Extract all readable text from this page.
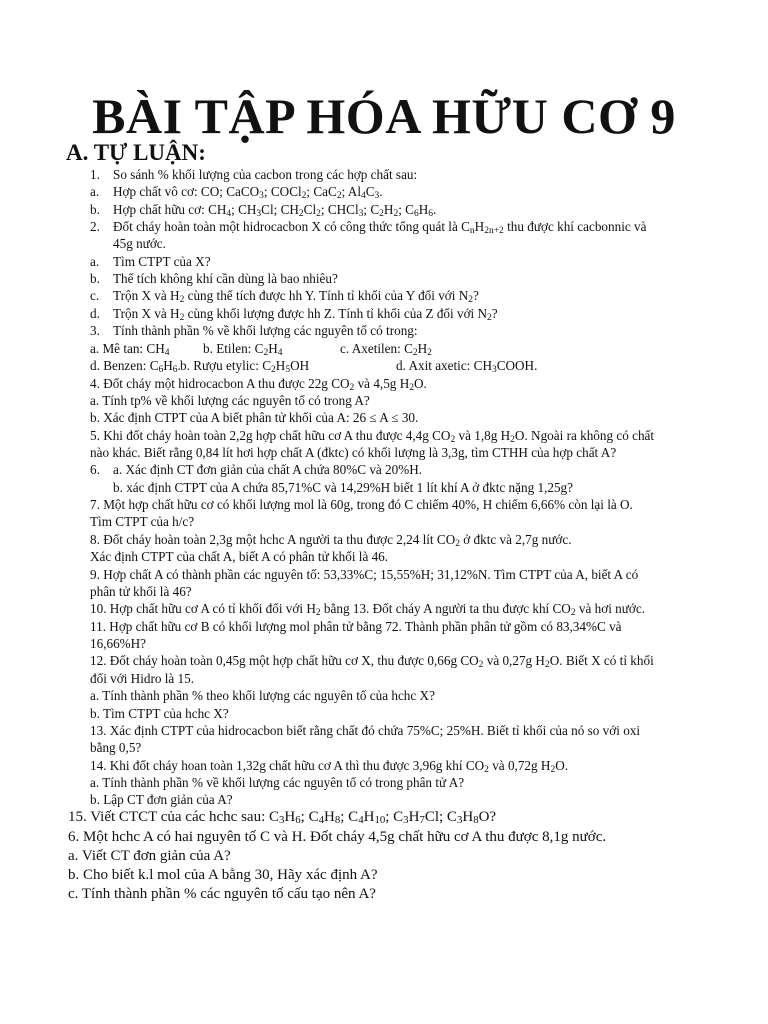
BÀI TẬP HÓA HỮU CƠ 9
A. TỰ LUẬN:
1. So sánh % khối lượng của cacbon trong các hợp chất sau:
a. Hợp chất vô cơ: CO; CaCO$_3$; COCl$_2$; CaC$_2$; $Al_4C_3$.
b. Hợp chất hữu cơ: $CH_4$; $CH_3Cl$; $CH_2Cl_2$; CHCl$_3$; $C_2H_2$; $C_6H_6$.
2. Đốt cháy hoàn toàn một hidrocacbon X có công thức tổng quát là $C_nH_{2n+2}$ thu được khí cacbonnic và
45g nước.
a. Tìm CTPT của X?
b. Thể tích không khí cần dùng là bao nhiêu?
c. Trộn X và $H_2$ cùng thể tích được hh Y. Tính tỉ khối của Y đối với $N_2$?
d. Trộn X và $H_2$ cùng khối lượng được hh Z. Tính tỉ khối của Z đối với $N_2$?
3. Tính thành phần % về khối lượng các nguyên tố có trong:
a. Mê tan: $CH_4$	b. Etilen: $C_2H_4$	c. Axetilen: $C_2H_2$
d. Benzen: $C_6H_6$. b. Rượu etylic: $C_2H_5OH$	d. Axit axetic: $CH_3COOH$.
4. Đốt cháy một hidrocacbon A thu được 22g $CO_2$ và 4,5g $H_2O$.
a. Tính tp% về khối lượng các nguyên tố có trong A?
b. Xác định CTPT của A biết phân tử khối của A: 26 ≤ A ≤ 30.
5. Khi đốt cháy hoàn toàn 2,2g hợp chất hữu cơ A thu được 4,4g $CO_2$ và 1,8g $H_2O$. Ngoài ra không có chất
nào khác. Biết rằng 0,84 lít hơi hợp chất A (đktc) có khối lượng là 3,3g, tìm CTHH của hợp chất A?
6. a. Xác định CT đơn giản của chất A chứa 80%C và 20%H.
b. xác định CTPT của A chứa 85,71%C và 14,29%H biết 1 lít khí A ở đktc nặng 1,25g?
7. Một hợp chất hữu cơ có khối lượng mol là 60g, trong đó C chiếm 40%, H chiếm 6,66% còn lại là O.
Tìm CTPT của h/c?
8. Đốt cháy hoàn toàn 2,3g một hchc A người ta thu được 2,24 lít $CO_2$ ở đktc và 2,7g nước.
Xác định CTPT của chất A, biết A có phân tử khối là 46.
9. Hợp chất A có thành phần các nguyên tố: 53,33%C; 15,55%H; 31,12%N. Tìm CTPT của A, biết A có
phân tử khối là 46?
10. Hợp chất hữu cơ A có tỉ khối đối với $H_2$ bằng 13. Đốt cháy A người ta thu được khí $CO_2$ và hơi nước.
11. Hợp chất hữu cơ B có khối lượng mol phân tử bằng 72. Thành phần phân tử gồm có 83,34%C và
16,66%H?
12. Đốt cháy hoàn toàn 0,45g một hợp chất hữu cơ X, thu được 0,66g $CO_2$ và 0,27g $H_2O$. Biết X có tỉ khối
đối với Hidro là 15.
a. Tính thành phần % theo khối lượng các nguyên tố của hchc X?
b. Tìm CTPT của hchc X?
13. Xác định CTPT của hidrocacbon biết rằng chất đó chứa 75%C; 25%H. Biết tỉ khối của nó so với oxi
bằng 0,5?
14. Khi đốt cháy hoan toàn 1,32g chất hữu cơ A thì thu được 3,96g khí $CO_2$ và 0,72g $H_2O$.
a. Tính thành phần % về khối lượng các nguyên tố có trong phân tử A?
b. Lập CT đơn giản của A?
15. Viết CTCT của các hchc sau: $C_3H_6$; $C_4H_8$; $C_4H_{10}$; $C_3H_7Cl$; $C_3H_8O$?
6. Một hchc A có hai nguyên tố C và H. Đốt cháy 4,5g chất hữu cơ A thu được 8,1g nước.
a. Viết CT đơn giản của A?
b. Cho biết k.l mol của A bằng 30, Hãy xác định A?
c. Tính thành phần % các nguyên tố cấu tạo nên A?
